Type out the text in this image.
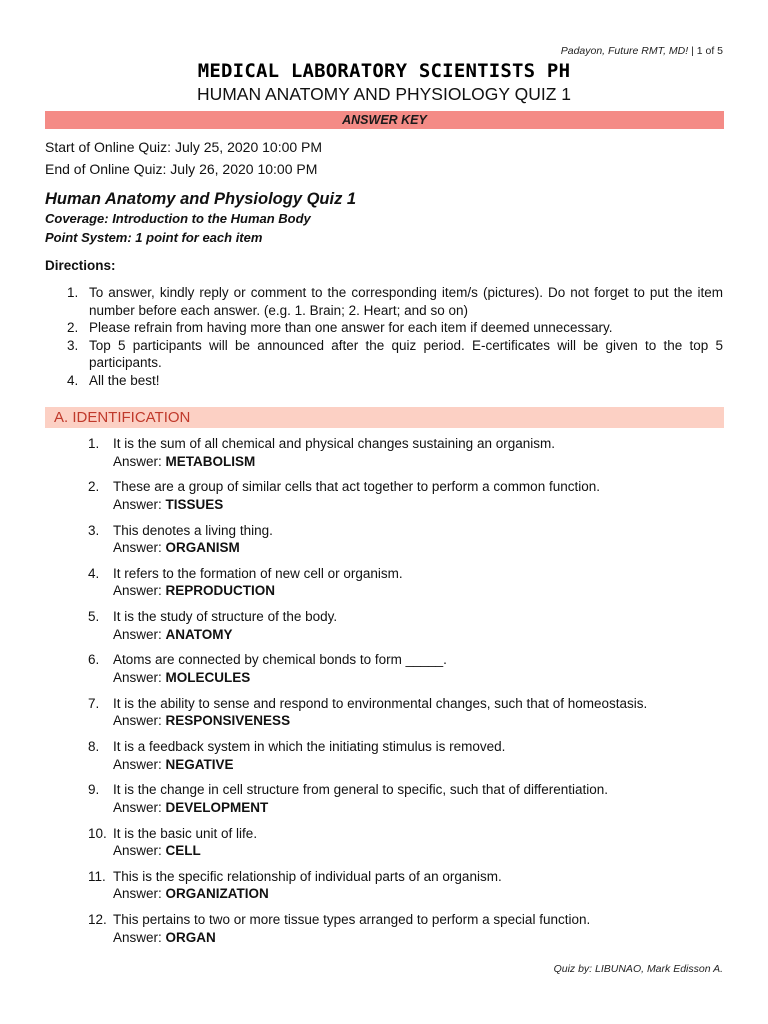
Padayon, Future RMT, MD! | 1 of 5
MEDICAL LABORATORY SCIENTISTS PH
HUMAN ANATOMY AND PHYSIOLOGY QUIZ 1
ANSWER KEY
Start of Online Quiz: July 25, 2020 10:00 PM
End of Online Quiz: July 26, 2020 10:00 PM
Human Anatomy and Physiology Quiz 1
Coverage: Introduction to the Human Body
Point System: 1 point for each item
Directions:
1. To answer, kindly reply or comment to the corresponding item/s (pictures). Do not forget to put the item number before each answer. (e.g. 1. Brain; 2. Heart; and so on)
2. Please refrain from having more than one answer for each item if deemed unnecessary.
3. Top 5 participants will be announced after the quiz period. E-certificates will be given to the top 5 participants.
4. All the best!
A. IDENTIFICATION
1. It is the sum of all chemical and physical changes sustaining an organism.
Answer: METABOLISM
2. These are a group of similar cells that act together to perform a common function.
Answer: TISSUES
3. This denotes a living thing.
Answer: ORGANISM
4. It refers to the formation of new cell or organism.
Answer: REPRODUCTION
5. It is the study of structure of the body.
Answer: ANATOMY
6. Atoms are connected by chemical bonds to form _____.
Answer: MOLECULES
7. It is the ability to sense and respond to environmental changes, such that of homeostasis.
Answer: RESPONSIVENESS
8. It is a feedback system in which the initiating stimulus is removed.
Answer: NEGATIVE
9. It is the change in cell structure from general to specific, such that of differentiation.
Answer: DEVELOPMENT
10. It is the basic unit of life.
Answer: CELL
11. This is the specific relationship of individual parts of an organism.
Answer: ORGANIZATION
12. This pertains to two or more tissue types arranged to perform a special function.
Answer: ORGAN
Quiz by: LIBUNAO, Mark Edisson A.
